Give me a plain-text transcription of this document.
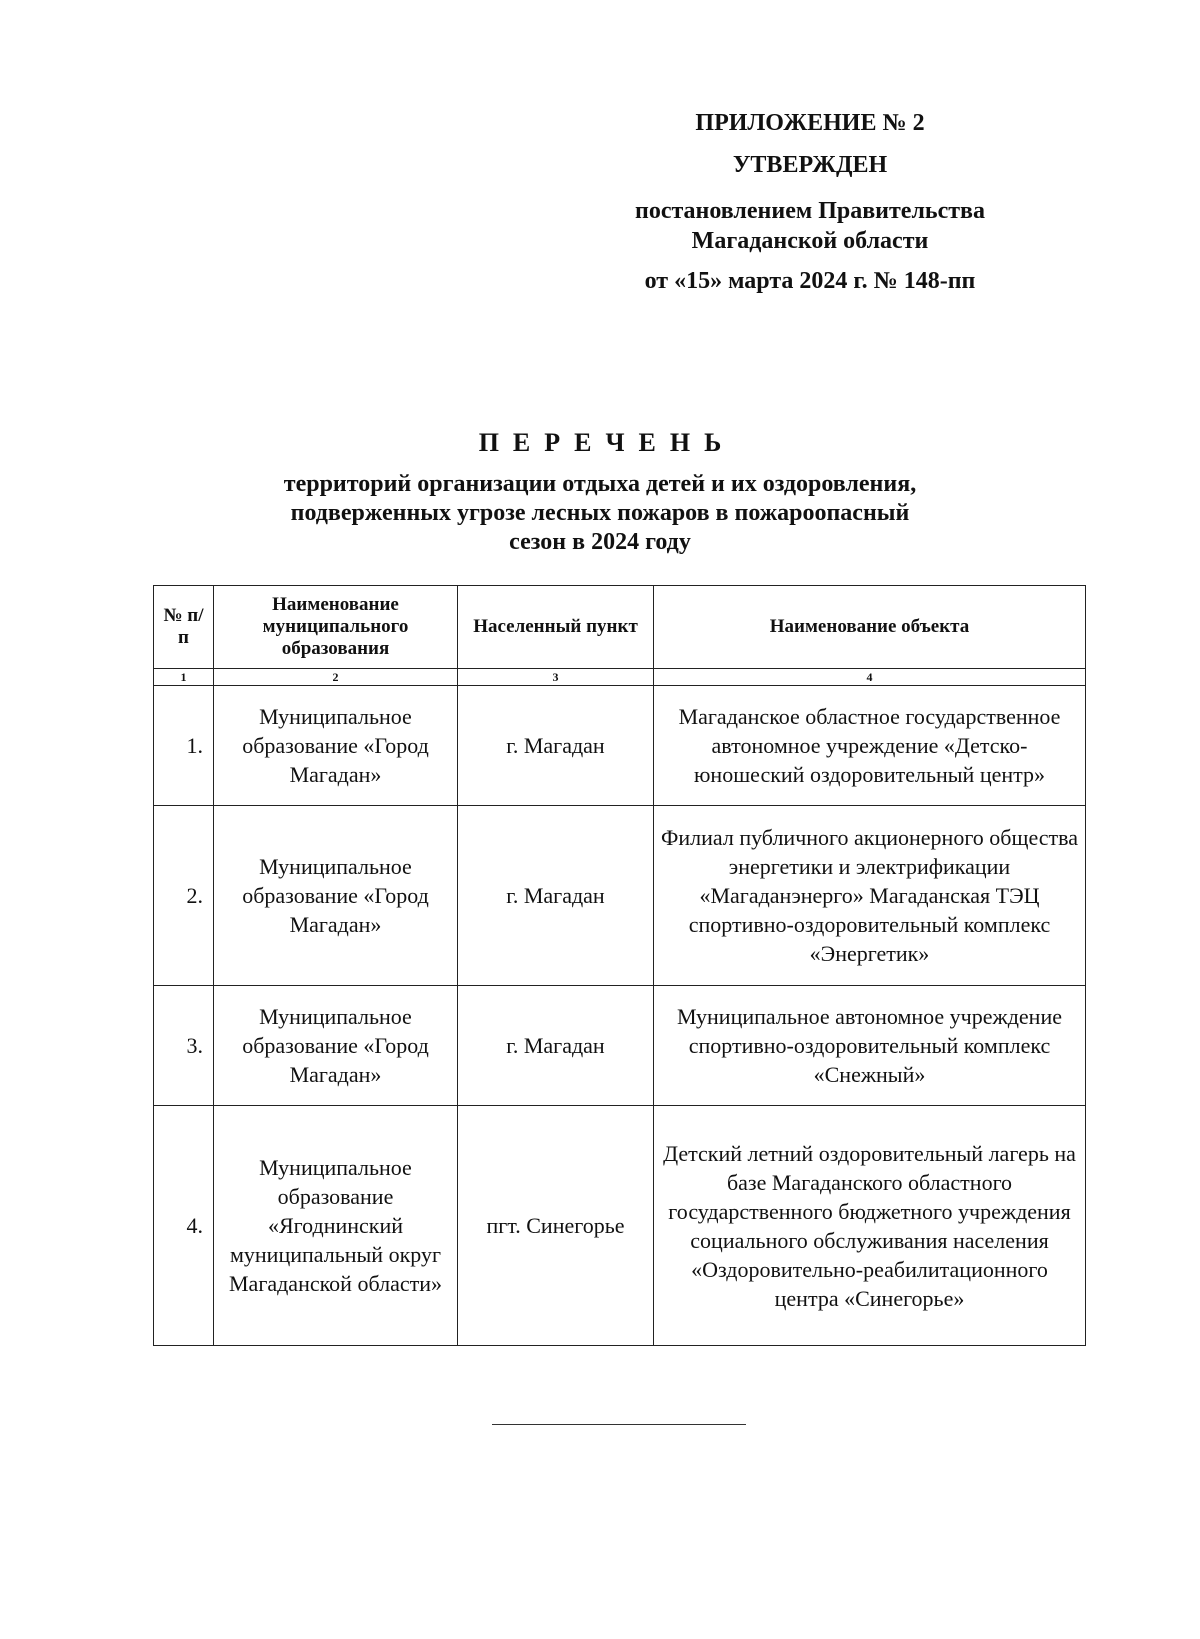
ПРИЛОЖЕНИЕ № 2
УТВЕРЖДЕН
постановлением Правительства
Магаданской области
от «15» марта 2024 г. № 148-пп
ПЕРЕЧЕНЬ
территорий организации отдыха детей и их оздоровления,
подверженных угрозе лесных пожаров в пожароопасный
сезон в 2024 году
№ п/п	Наименование муниципального образования	Населенный пункт	Наименование объекта
1	2	3	4
1.	Муниципальное образование «Город Магадан»	г. Магадан	Магаданское областное государственное автономное учреждение «Детско-юношеский оздоровительный центр»
2.	Муниципальное образование «Город Магадан»	г. Магадан	Филиал публичного акционерного общества энергетики и электрификации «Магаданэнерго» Магаданская ТЭЦ спортивно-оздоровительный комплекс «Энергетик»
3.	Муниципальное образование «Город Магадан»	г. Магадан	Муниципальное автономное учреждение спортивно-оздоровительный комплекс «Снежный»
4.	Муниципальное образование «Ягоднинский муниципальный округ Магаданской области»	пгт. Синегорье	Детский летний оздоровительный лагерь на базе Магаданского областного государственного бюджетного учреждения социального обслуживания населения «Оздоровительно-реабилитационного центра «Синегорье»
